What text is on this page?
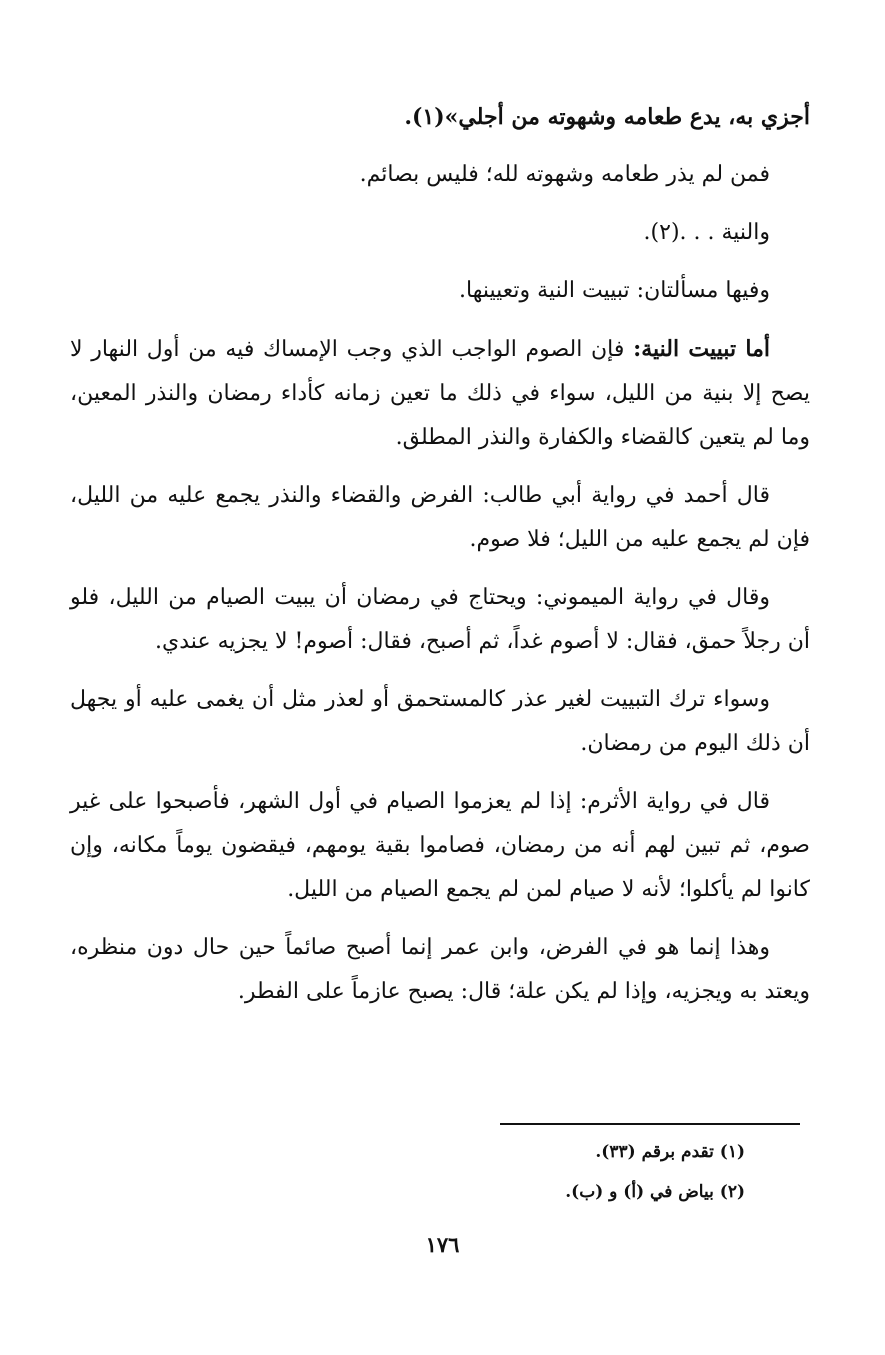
أجزي به، يدع طعامه وشهوته من أجلي»(١).

فمن لم يذر طعامه وشهوته لله؛ فليس بصائم.

والنية . . .(٢).

وفيها مسألتان: تبييت النية وتعيينها.

أما تبييت النية: فإن الصوم الواجب الذي وجب الإمساك فيه من أول النهار لا يصح إلا بنية من الليل، سواء في ذلك ما تعين زمانه كأداء رمضان والنذر المعين، وما لم يتعين كالقضاء والكفارة والنذر المطلق.

قال أحمد في رواية أبي طالب: الفرض والقضاء والنذر يجمع عليه من الليل، فإن لم يجمع عليه من الليل؛ فلا صوم.

وقال في رواية الميموني: ويحتاج في رمضان أن يبيت الصيام من الليل، فلو أن رجلاً حمق، فقال: لا أصوم غداً، ثم أصبح، فقال: أصوم! لا يجزيه عندي.

وسواء ترك التبييت لغير عذر كالمستحمق أو لعذر مثل أن يغمى عليه أو يجهل أن ذلك اليوم من رمضان.

قال في رواية الأثرم: إذا لم يعزموا الصيام في أول الشهر، فأصبحوا على غير صوم، ثم تبين لهم أنه من رمضان، فصاموا بقية يومهم، فيقضون يوماً مكانه، وإن كانوا لم يأكلوا؛ لأنه لا صيام لمن لم يجمع الصيام من الليل.

وهذا إنما هو في الفرض، وابن عمر إنما أصبح صائماً حين حال دون منظره، ويعتد به ويجزيه، وإذا لم يكن علة؛ قال: يصبح عازماً على الفطر.

(١) تقدم برقم (٣٣).

(٢) بياض في (أ) و (ب).

١٧٦
